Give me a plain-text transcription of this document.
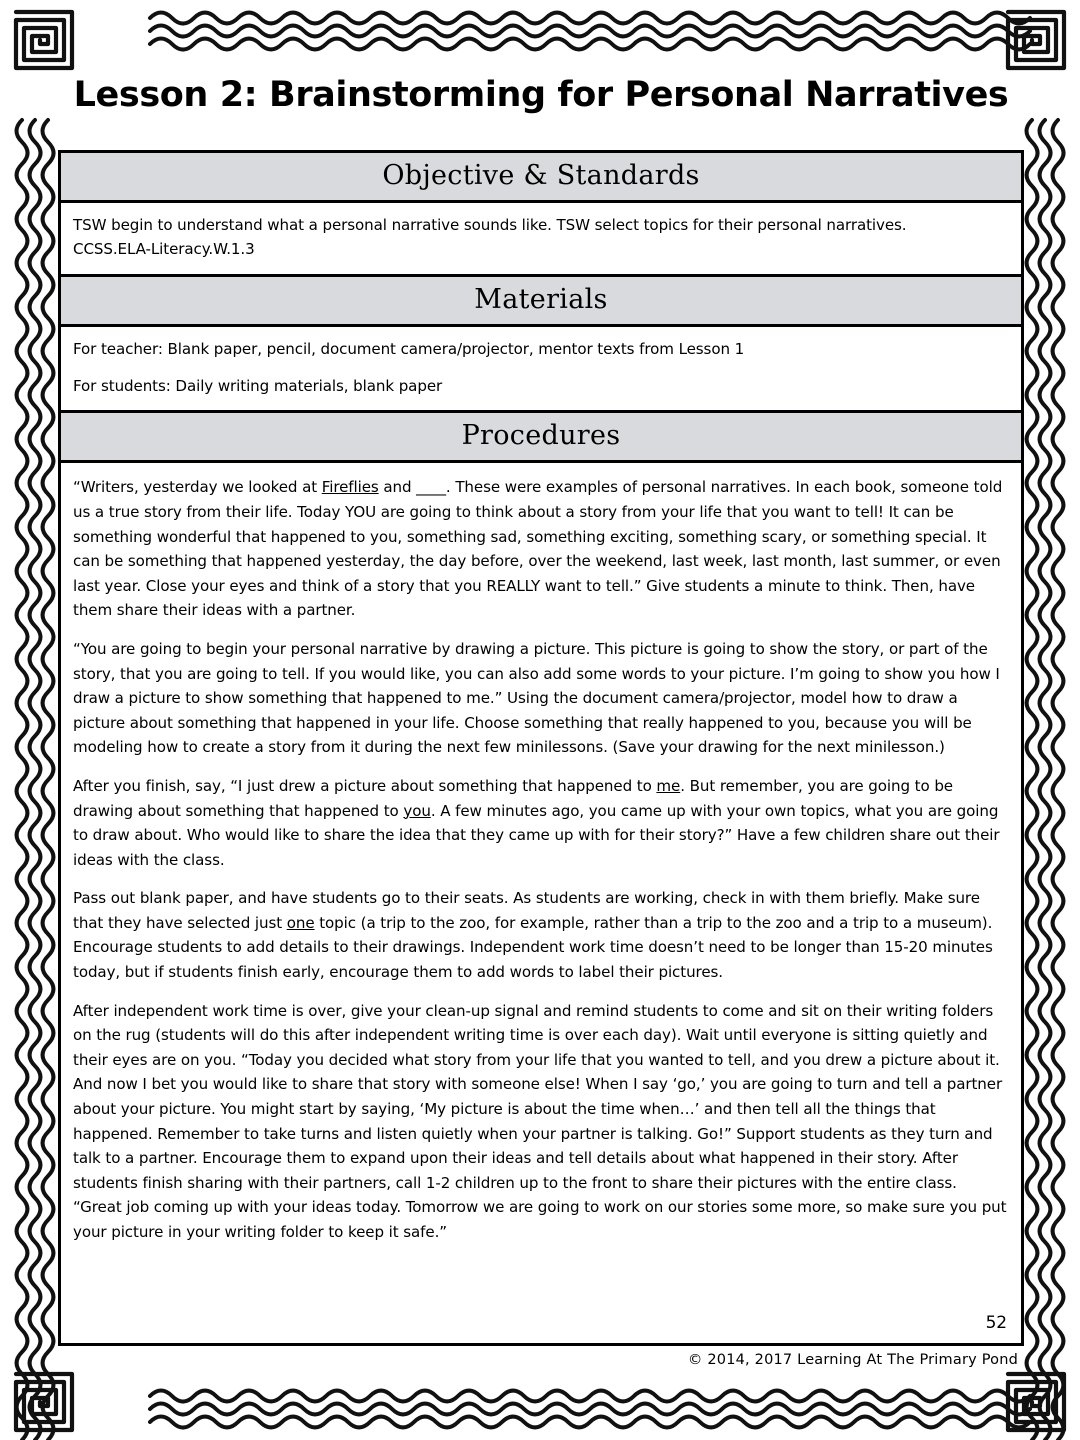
Lesson 2: Brainstorming for Personal Narratives
Objective & Standards

TSW begin to understand what a personal narrative sounds like. TSW select topics for their personal narratives.

CCSS.ELA-Literacy.W.1.3

Materials

For teacher: Blank paper, pencil, document camera/projector, mentor texts from Lesson 1

For students: Daily writing materials, blank paper

Procedures

“Writers, yesterday we looked at Fireflies and ____. These were examples of personal narratives. In each book, someone told us a true story from their life. Today YOU are going to think about a story from your life that you want to tell! It can be something wonderful that happened to you, something sad, something exciting, something scary, or something special. It can be something that happened yesterday, the day before, over the weekend, last week, last month, last summer, or even last year. Close your eyes and think of a story that you REALLY want to tell.” Give students a minute to think. Then, have them share their ideas with a partner.

“You are going to begin your personal narrative by drawing a picture. This picture is going to show the story, or part of the story, that you are going to tell. If you would like, you can also add some words to your picture. I’m going to show you how I draw a picture to show something that happened to me.” Using the document camera/projector, model how to draw a picture about something that happened in your life. Choose something that really happened to you, because you will be modeling how to create a story from it during the next few minilessons. (Save your drawing for the next minilesson.)

After you finish, say, “I just drew a picture about something that happened to me. But remember, you are going to be drawing about something that happened to you. A few minutes ago, you came up with your own topics, what you are going to draw about. Who would like to share the idea that they came up with for their story?” Have a few children share out their ideas with the class.

Pass out blank paper, and have students go to their seats. As students are working, check in with them briefly. Make sure that they have selected just one topic (a trip to the zoo, for example, rather than a trip to the zoo and a trip to a museum). Encourage students to add details to their drawings. Independent work time doesn’t need to be longer than 15-20 minutes today, but if students finish early, encourage them to add words to label their pictures.

After independent work time is over, give your clean-up signal and remind students to come and sit on their writing folders on the rug (students will do this after independent writing time is over each day). Wait until everyone is sitting quietly and their eyes are on you. “Today you decided what story from your life that you wanted to tell, and you drew a picture about it. And now I bet you would like to share that story with someone else! When I say ‘go,’ you are going to turn and tell a partner about your picture. You might start by saying, ‘My picture is about the time when…’ and then tell all the things that happened. Remember to take turns and listen quietly when your partner is talking. Go!” Support students as they turn and talk to a partner. Encourage them to expand upon their ideas and tell details about what happened in their story. After students finish sharing with their partners, call 1-2 children up to the front to share their pictures with the entire class. “Great job coming up with your ideas today. Tomorrow we are going to work on our stories some more, so make sure you put your picture in your writing folder to keep it safe.”

52
© 2014, 2017 Learning At The Primary Pond
